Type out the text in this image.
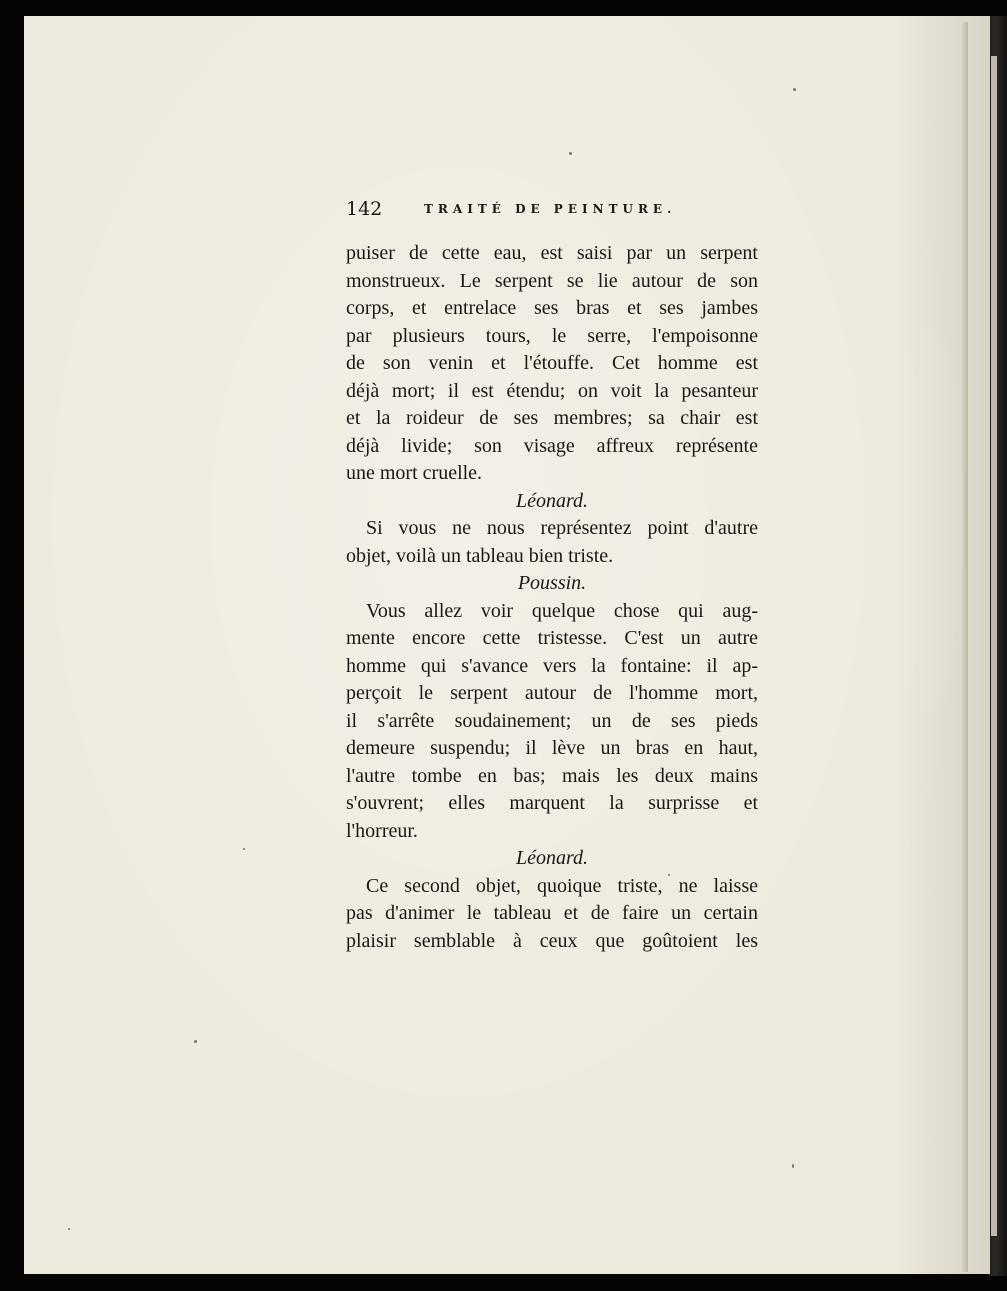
142	TRAITÉ DE PEINTURE.
puiser de cette eau, est saisi par un serpent
monstrueux. Le serpent se lie autour de son
corps, et entrelace ses bras et ses jambes
par plusieurs tours, le serre, l'empoisonne
de son venin et l'étouffe. Cet homme est
déjà mort; il est étendu; on voit la pesanteur
et la roideur de ses membres; sa chair est
déjà livide; son visage affreux représente
une mort cruelle.
Léonard.
Si vous ne nous représentez point d'autre
objet, voilà un tableau bien triste.
Poussin.
Vous allez voir quelque chose qui aug-
mente encore cette tristesse. C'est un autre
homme qui s'avance vers la fontaine: il ap-
perçoit le serpent autour de l'homme mort,
il s'arrête soudainement; un de ses pieds
demeure suspendu; il lève un bras en haut,
l'autre tombe en bas; mais les deux mains
s'ouvrent; elles marquent la surprisse et
l'horreur.
Léonard.
Ce second objet, quoique triste, ne laisse
pas d'animer le tableau et de faire un certain
plaisir semblable à ceux que goûtoient les
